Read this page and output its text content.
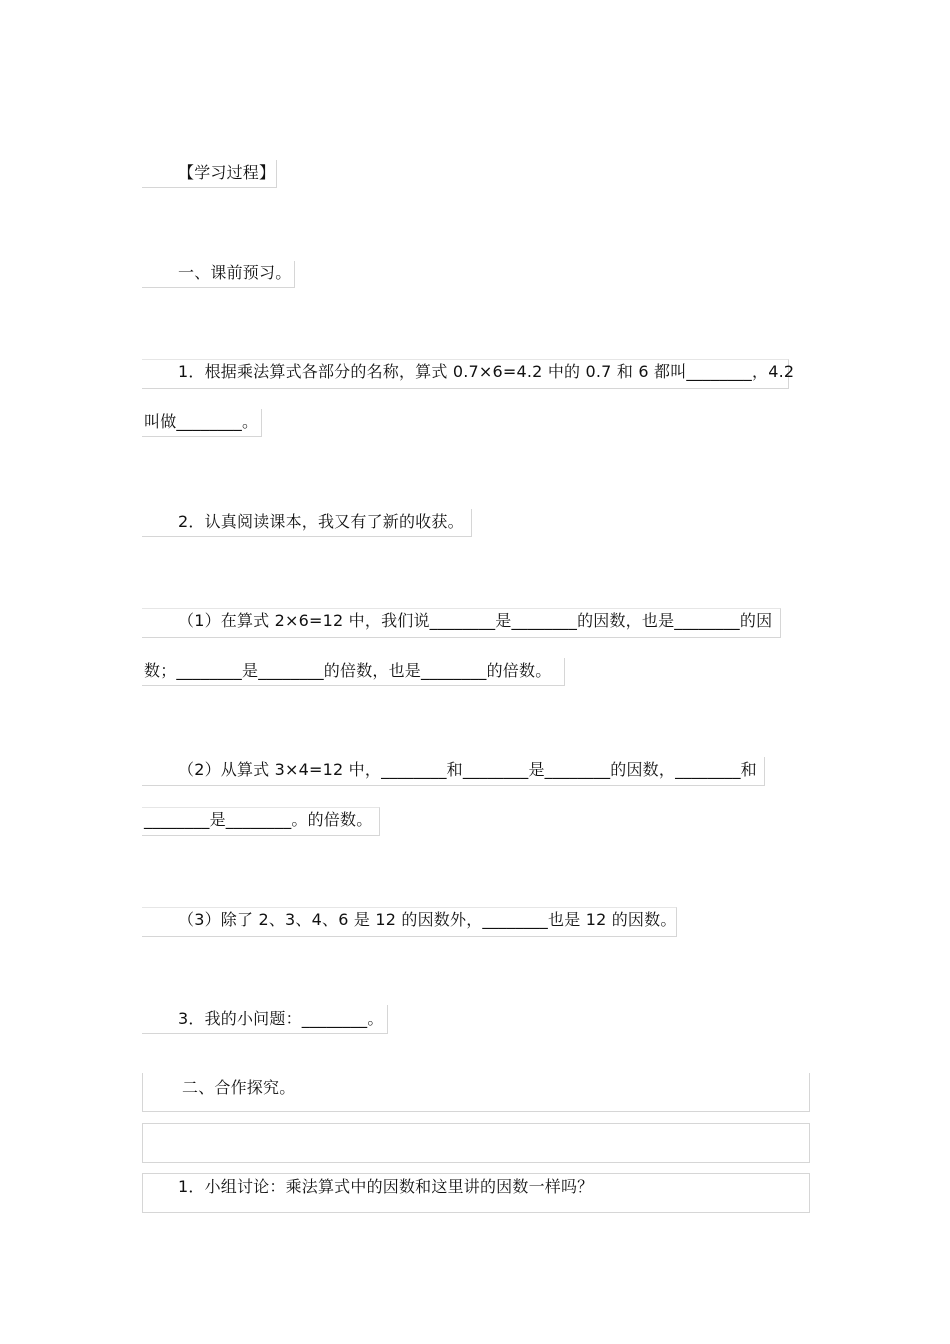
【学习过程】
一、课前预习。
1．根据乘法算式各部分的名称，算式 0.7×6=4.2 中的 0.7 和 6 都叫________，4.2
叫做________。
2．认真阅读课本，我又有了新的收获。
（1）在算式 2×6=12 中，我们说________是________的因数，也是________的因
数；________是________的倍数，也是________的倍数。
（2）从算式 3×4=12 中，________和________是________的因数，________和
________是________。的倍数。
（3）除了 2、3、4、6 是 12 的因数外，________也是 12 的因数。
3．我的小问题：________。
二、合作探究。
1．小组讨论：乘法算式中的因数和这里讲的因数一样吗？
